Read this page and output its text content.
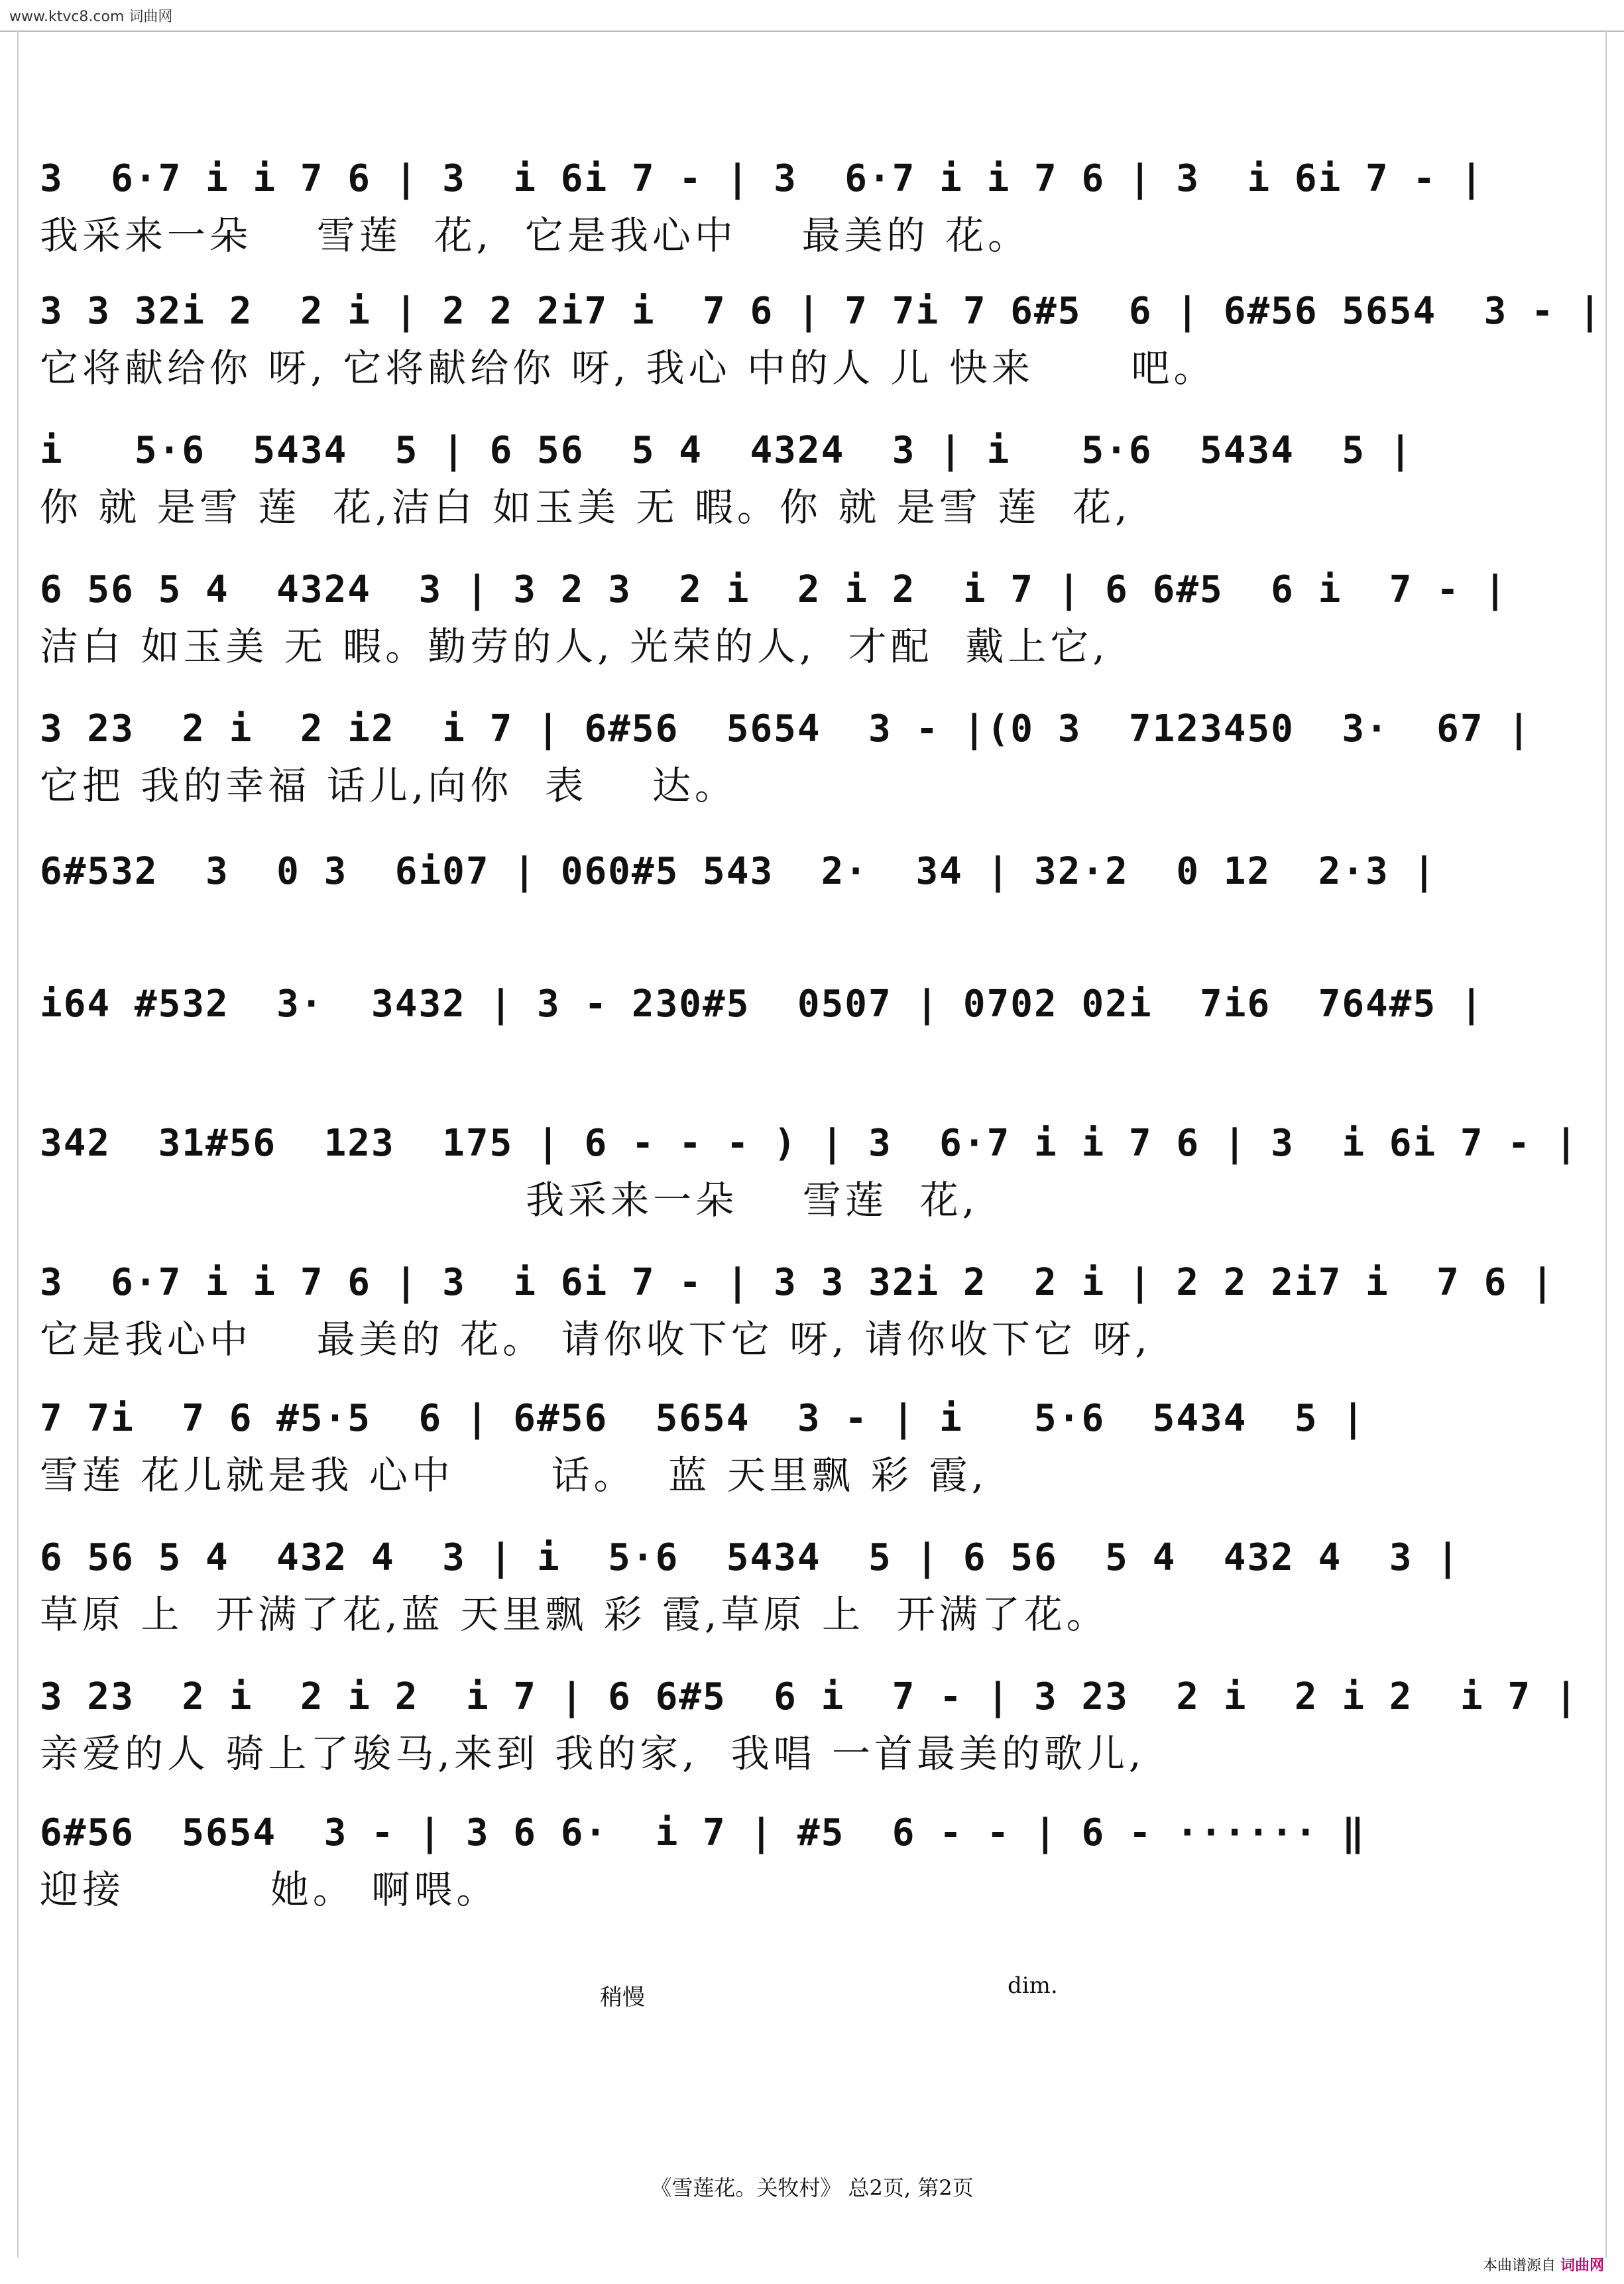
www.ktvc8.com 词曲网
3  6·7 i i 7 6 | 3  i 6i 7 - | 3  6·7 i i 7 6 | 3  i 6i 7 - |
我采来一朵    雪莲  花,  它是我心中    最美的 花。
3 3 32i 2  2 i | 2 2 2i7 i  7 6 | 7 7i 7 6#5  6 | 6#56 5654  3 - |
它将献给你 呀, 它将献给你 呀, 我心 中的人 儿 快来      吧。
i   5·6  5434  5 | 6 56  5 4  4324  3 | i   5·6  5434  5 |
你 就 是雪 莲  花,洁白 如玉美 无 暇。你 就 是雪 莲  花,
6 56 5 4  4324  3 | 3 2 3  2 i  2 i 2  i 7 | 6 6#5  6 i  7 - |
洁白 如玉美 无 暇。勤劳的人, 光荣的人,  才配  戴上它,
3 23  2 i  2 i2  i 7 | 6#56  5654  3 - |(0 3  7123450  3·  67 |
它把 我的幸福 话儿,向你  表    达。
6#532  3  0 3  6i07 | 060#5 543  2·  34 | 32·2  0 12  2·3 |
i64 #532  3·  3432 | 3 - 230#5  0507 | 0702 02i  7i6  764#5 |
342  31#56  123  175 | 6 - - - ) | 3  6·7 i i 7 6 | 3  i 6i 7 - |
我采来一朵    雪莲  花,
3  6·7 i i 7 6 | 3  i 6i 7 - | 3 3 32i 2  2 i | 2 2 2i7 i  7 6 |
它是我心中    最美的 花。 请你收下它 呀, 请你收下它 呀,
7 7i  7 6 #5·5  6 | 6#56  5654  3 - | i   5·6  5434  5 |
雪莲 花儿就是我 心中      话。  蓝 天里飘 彩 霞,
6 56 5 4  432 4  3 | i  5·6  5434  5 | 6 56  5 4  432 4  3 |
草原 上  开满了花,蓝 天里飘 彩 霞,草原 上  开满了花。
3 23  2 i  2 i 2  i 7 | 6 6#5  6 i  7 - | 3 23  2 i  2 i 2  i 7 |
亲爱的人 骑上了骏马,来到 我的家,  我唱 一首最美的歌儿,
6#56  5654  3 - | 3 6 6·  i 7 | #5  6 - - | 6 - ······ ‖
迎接         她。 啊喂。
稍慢	dim.
《雪莲花。关牧村》 总2页, 第2页
本曲谱源自 词曲网
